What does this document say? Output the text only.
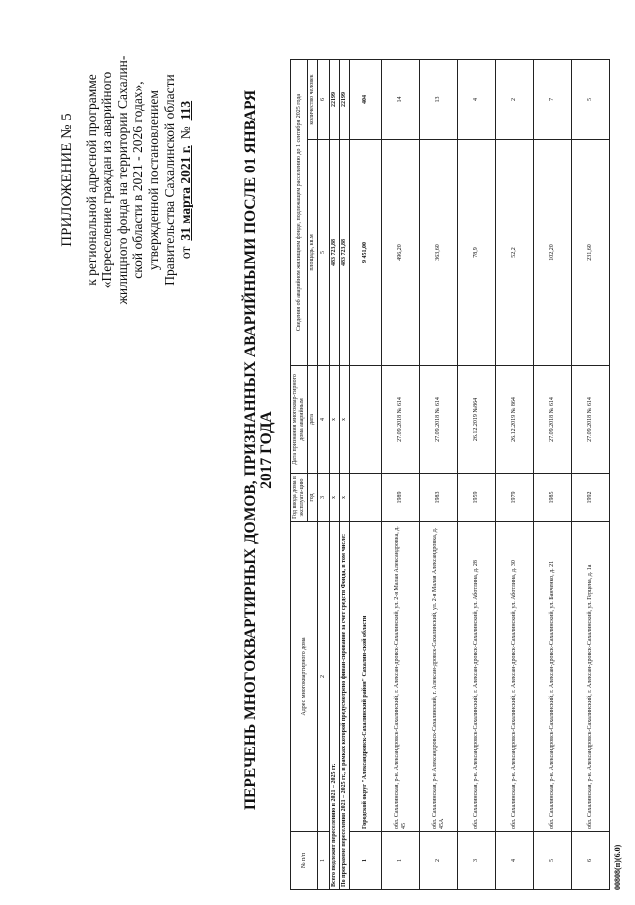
ПРИЛОЖЕНИЕ № 5 к региональной адресной программе «Переселение граждан из аварийного жилищного фонда на территории Сахалин- ской области в 2021 - 2026 годах», утвержденной постановлением Правительства Сахалинской области от
31 марта 2021 г.
№
113	ПЕРЕЧЕНЬ МНОГОКВАРТИРНЫХ ДОМОВ, ПРИЗНАННЫХ АВАРИЙНЫМИ ПОСЛЕ 01 ЯНВАРЯ 2017 ГОДА
№ п/п	Адрес многоквартирного дома	Год ввода дома в эксплуата-цию	Дата признания многоквар-тирного дома аварийным	Сведения об аварийном жилищном фонде, подлежащем расселению до 1 сентября 2025 года	
		год	дата	площадь, кв.м	количество человек
1	2	3	4	5	6
Всего подлежит переселению в 2021 – 2025 гг.		x	x	483 723,88	22199
По программе переселения 2021 – 2025 гг., в рамках которой предусмотрено финан-сирование за счет средств Фонда, в том числе:		x	x	483 723,88	22199
1	Городской округ "Александровск-Сахалинский район" Сахалин-ской области			9 451,00	404
1	обл. Сахалинская, р-н. Александровск-Сахалинский, г. Алексан-дровск-Сахалинский, ул. 2-я Малая Александровка, д. 45	1989	27.09.2018 № 614	496,20	14
2	обл. Сахалинская, р-н Александровск-Сахалинский, г. Алексан-дровск-Сахалинский, ул. 2-я Малая Александровка, д. 45А	1983	27.09.2018 № 614	363,60	13
3	обл. Сахалинская, р-н. Александровск-Сахалинский, г. Алексан-дровск-Сахалинский, ул. Аботлина, д. 28	1959	26.12.2019 №864	78,9	4
4	обл. Сахалинская, р-н. Александровск-Сахалинский, г. Алексан-дровск-Сахалинский, ул. Аботлина, д. 30	1979	26.12.2019 № 864	52,2	2
5	обл. Сахалинская, р-н. Александровск-Сахалинский, г. Алексан-дровск-Сахалинский, ул. Банченко, д. 21	1985	27.09.2018 № 614	102,20	7
6	обл. Сахалинская, р-н. Александровск-Сахалинский, г. Алексан-дровск-Сахалинский, ул. Герцена, д. 1а	1992	27.09.2018 № 614	231,60	5
00808(п)(6.0)
